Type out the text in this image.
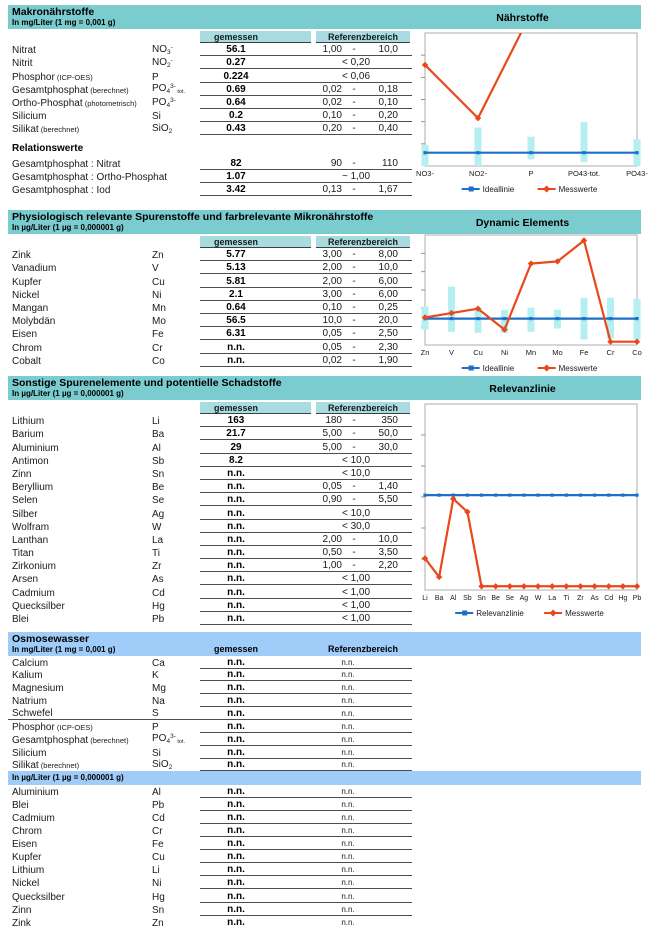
Makronährstoffe
In mg/Liter (1 mg = 0,001 g)	Nährstoffe
gemessen	Referenzbereich
Nitrat	$NO_3^-$	56.1	1,00	-	10,0
Nitrit	$NO_2^-$	0.27	< 0,20
Phosphor (ICP-OES)	P	0.224	< 0,06
Gesamtphosphat (berechnet)	$PO_4^{3-}$ $_{tot.}$	0.69	0,02	-	0,18
Ortho-Phosphat (photometrisch)	$PO_4^{3-}$	0.64	0,02	-	0,10
Silicium	Si	0.2	0,10	-	0,20
Silikat (berechnet)	SiO$_2$	0.43	0,20	-	0,40
Relationswerte
Gesamtphosphat : Nitrat	82	90	-	110
Gesamtphosphat : Ortho-Phosphat	1.07	~ 1,00
Gesamtphosphat : Iod	3.42	0,13	-	1,67
NO3-	NO2-	P	PO43-tot.	PO43-
Ideallinie	Messwerte
Physiologisch relevante Spurenstoffe und farbrelevante Mikronährstoffe
In µg/Liter (1 µg = 0,000001 g)	Dynamic Elements
gemessen	Referenzbereich
Zink	Zn	5.77	3,00	-	8,00
Vanadium	V	5.13	2,00	-	10,0
Kupfer	Cu	5.81	2,00	-	6,00
Nickel	Ni	2.1	3,00	-	6,00
Mangan	Mn	0.64	0,10	-	0,25
Molybdän	Mo	56.5	10,0	-	20,0
Eisen	Fe	6.31	0,05	-	2,50
Chrom	Cr	n.n.	0,05	-	2,30
Cobalt	Co	n.n.	0,02	-	1,90
Zn	V	Cu Ni Mn Mo Fe Cr Co
Ideallinie	Messwerte
Sonstige Spurenelemente und potentielle Schadstoffe
In µg/Liter (1 µg = 0,000001 g)	Relevanzlinie
gemessen	Referenzbereich
Lithium	Li	163	180	-	350
Barium	Ba	21.7	5,00	-	50,0
Aluminium	Al	29	5,00	-	30,0
Antimon	Sb	8.2	< 10,0
Zinn	Sn	n.n.	< 10,0
Beryllium	Be	n.n.	0,05	-	1,40
Selen	Se	n.n.	0,90	-	5,50
Silber	Ag	n.n.	< 10,0
Wolfram	W	n.n.	< 30,0
Lanthan	La	n.n.	2,00	-	10,0
Titan	Ti	n.n.	0,50	-	3,50
Zirkonium	Zr	n.n.	1,00	-	2,20
Arsen	As	n.n.	< 1,00
Cadmium	Cd	n.n.	< 1,00
Quecksilber	Hg	n.n.	< 1,00
Blei	Pb	n.n.	< 1,00
Li Ba Al Sb Sn Be Se Ag W La Ti Zr As Cd Hg Pb
Relevanzlinie	Messwerte
Osmosewasser
In mg/Liter (1 mg = 0,001 g)	gemessen	Referenzbereich
Calcium	Ca	n.n.	n.n.
Kalium	K	n.n.	n.n.
Magnesium	Mg	n.n.	n.n.
Natrium	Na	n.n.	n.n.
Schwefel	S	n.n.	n.n.
Phosphor (ICP-OES)	P	n.n.	n.n.
Gesamtphosphat (berechnet)	$PO_4^{3-}$ $_{tot.}$	n.n.	n.n.
Silicium	Si	n.n.	n.n.
Silikat (berechnet)	SiO$_2$	n.n.	n.n.
In µg/Liter (1 µg = 0,000001 g)
Aluminium	Al	n.n.	n.n.
Blei	Pb	n.n.	n.n.
Cadmium	Cd	n.n.	n.n.
Chrom	Cr	n.n.	n.n.
Eisen	Fe	n.n.	n.n.
Kupfer	Cu	n.n.	n.n.
Lithium	Li	n.n.	n.n.
Nickel	Ni	n.n.	n.n.
Quecksilber	Hg	n.n.	n.n.
Zinn	Sn	n.n.	n.n.
Zink	Zn	n.n.	n.n.
